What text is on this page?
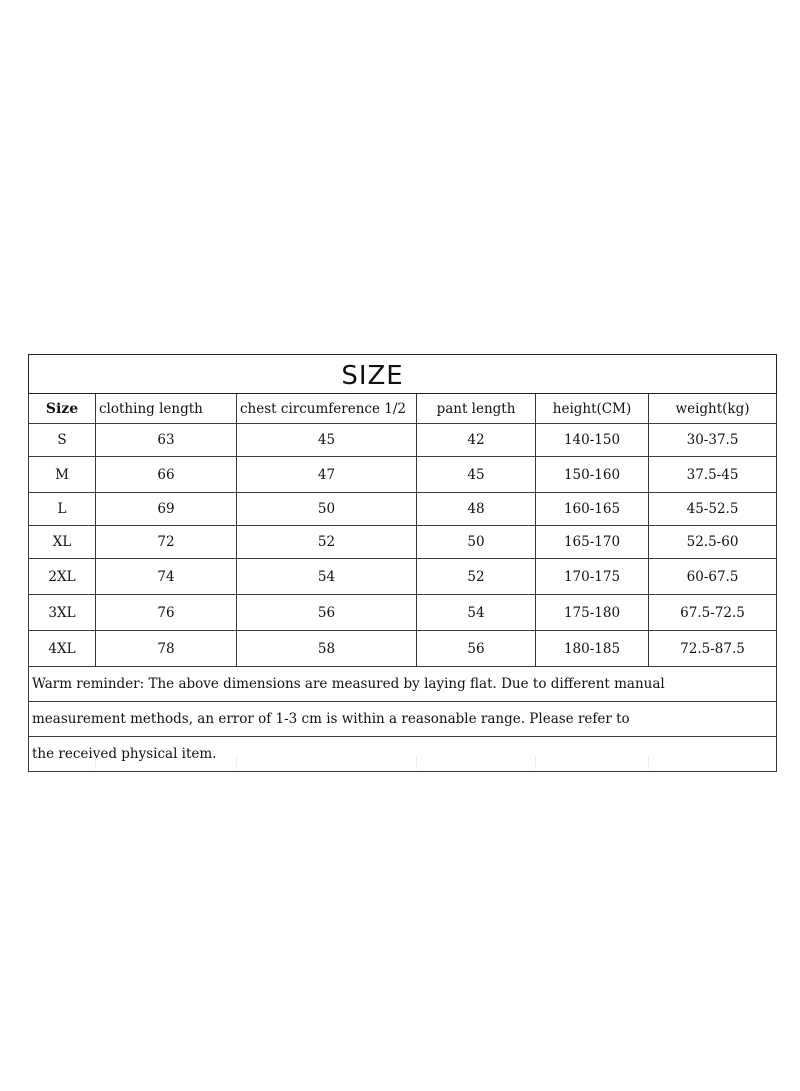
SIZE					
Size	clothing length	chest circumference 1/2	pant length	height(CM)	weight(kg)
S	63	45	42	140-150	30-37.5
M	66	47	45	150-160	37.5-45
L	69	50	48	160-165	45-52.5
XL	72	52	50	165-170	52.5-60
2XL	74	54	52	170-175	60-67.5
3XL	76	56	54	175-180	67.5-72.5
4XL	78	58	56	180-185	72.5-87.5
Warm reminder: The above dimensions are measured by laying flat. Due to different manual					
measurement methods, an error of 1-3 cm is within a reasonable range. Please refer to					
the received physical item.					
